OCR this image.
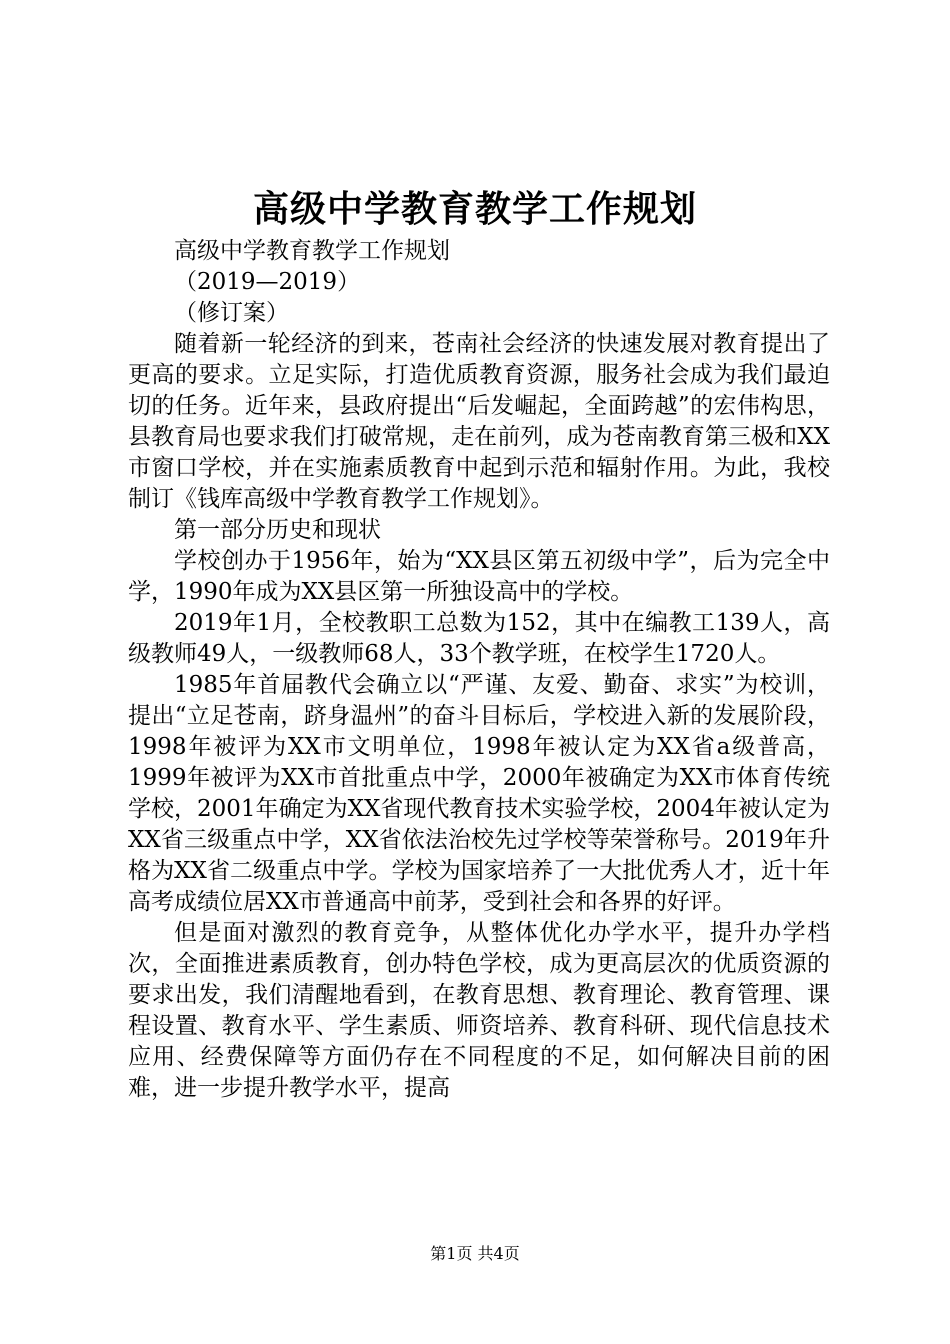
高级中学教育教学工作规划

高级中学教育教学工作规划

（2019—2019）

（修订案）

随着新一轮经济的到来，苍南社会经济的快速发展对教育提出了更高的要求。立足实际，打造优质教育资源，服务社会成为我们最迫切的任务。近年来，县政府提出“后发崛起，全面跨越”的宏伟构思，县教育局也要求我们打破常规，走在前列，成为苍南教育第三极和XX市窗口学校，并在实施素质教育中起到示范和辐射作用。为此，我校制订《钱库高级中学教育教学工作规划》。

第一部分历史和现状

学校创办于1956年，始为“XX县区第五初级中学”，后为完全中学，1990年成为XX县区第一所独设高中的学校。

2019年1月，全校教职工总数为152，其中在编教工139人，高级教师49人，一级教师68人，33个教学班，在校学生1720人。

1985年首届教代会确立以“严谨、友爱、勤奋、求实”为校训，提出“立足苍南，跻身温州”的奋斗目标后，学校进入新的发展阶段，1998年被评为XX市文明单位，1998年被认定为XX省a级普高，1999年被评为XX市首批重点中学，2000年被确定为XX市体育传统学校，2001年确定为XX省现代教育技术实验学校，2004年被认定为XX省三级重点中学，XX省依法治校先过学校等荣誉称号。2019年升格为XX省二级重点中学。学校为国家培养了一大批优秀人才，近十年高考成绩位居XX市普通高中前茅，受到社会和各界的好评。

但是面对激烈的教育竞争，从整体优化办学水平，提升办学档次，全面推进素质教育，创办特色学校，成为更高层次的优质资源的要求出发，我们清醒地看到，在教育思想、教育理论、教育管理、课程设置、教育水平、学生素质、师资培养、教育科研、现代信息技术应用、经费保障等方面仍存在不同程度的不足，如何解决目前的困难，进一步提升教学水平，提高

第1页 共4页
